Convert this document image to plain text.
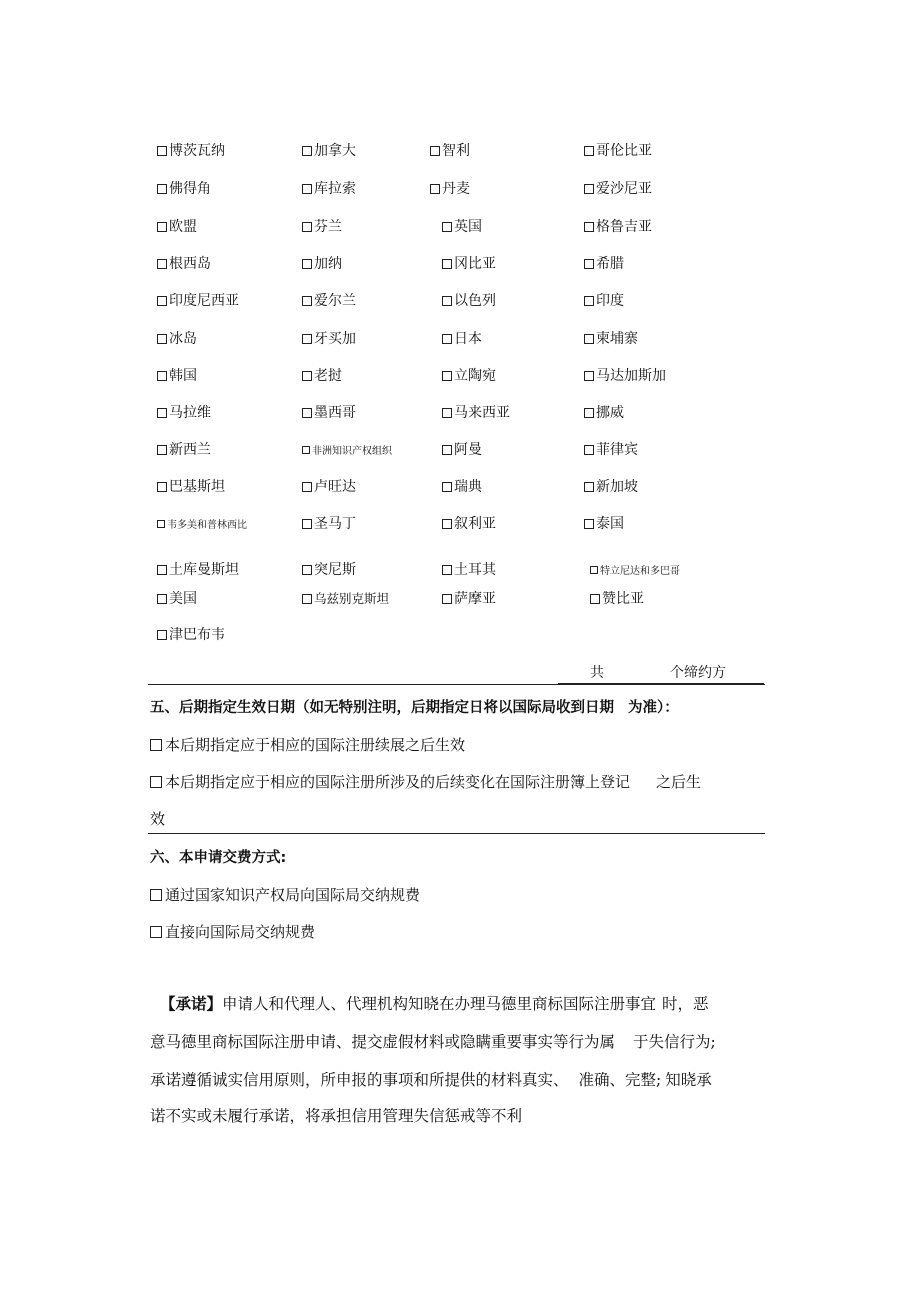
博茨瓦纳	加拿大	智利	哥伦比亚
佛得角	库拉索	丹麦	爱沙尼亚
欧盟	芬兰	英国	格鲁吉亚
根西岛	加纳	冈比亚	希腊
印度尼西亚	爱尔兰	以色列	印度
冰岛	牙买加	日本	柬埔寨
韩国	老挝	立陶宛	马达加斯加
马拉维	墨西哥	马来西亚	挪威
新西兰	非洲知识产权组织	阿曼	菲律宾
巴基斯坦	卢旺达	瑞典	新加坡
韦多美和普林西比	圣马丁	叙利亚	泰国
土库曼斯坦	突尼斯	土耳其	特立尼达和多巴哥
美国	乌兹别克斯坦	萨摩亚	赞比亚
津巴布韦
共	个缔约方
五、后期指定生效日期（如无特别注明，后期指定日将以国际局收到日期 为准）：
本后期指定应于相应的国际注册续展之后生效
本后期指定应于相应的国际注册所涉及的后续变化在国际注册簿上登记 之后生
效
六、本申请交费方式:
通过国家知识产权局向国际局交纳规费
直接向国际局交纳规费
【承诺】申请人和代理人、代理机构知晓在办理马德里商标国际注册事宜 时，恶
意马德里商标国际注册申请、提交虚假材料或隐瞒重要事实等行为属 于失信行为;
承诺遵循诚实信用原则，所申报的事项和所提供的材料真实、 准确、完整; 知晓承
诺不实或未履行承诺，将承担信用管理失信惩戒等不利
